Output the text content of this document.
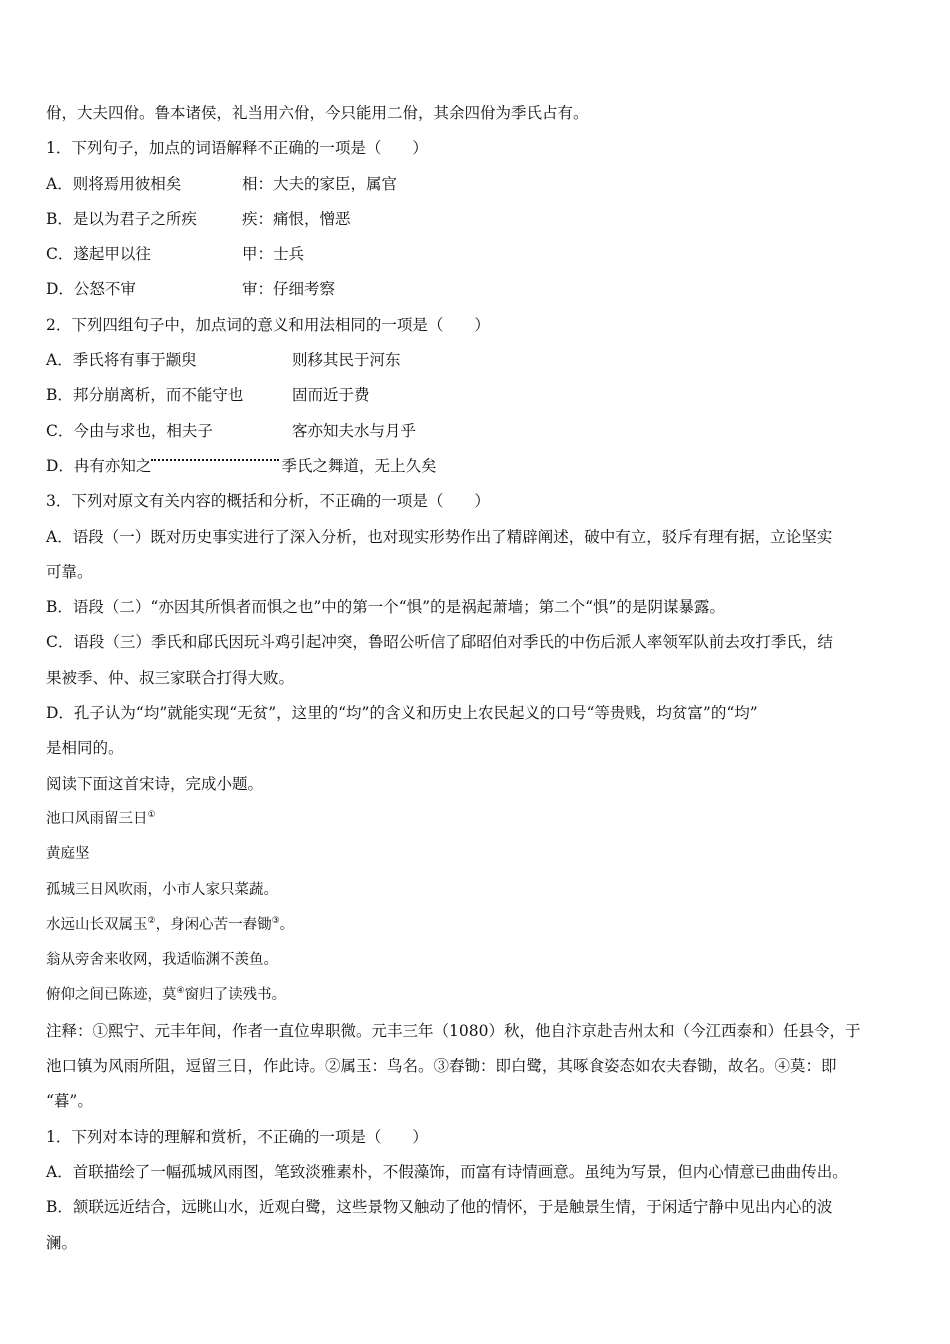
佾，大夫四佾。鲁本诸侯，礼当用六佾，今只能用二佾，其余四佾为季氏占有。
1．下列句子，加点的词语解释不正确的一项是（　　）
A．则将焉用彼相矣	相：大夫的家臣，属官
B．是以为君子之所疾	疾：痛恨，憎恶
C．遂起甲以往	甲：士兵
D．公怒不审	审：仔细考察
2．下列四组句子中，加点词的意义和用法相同的一项是（　　）
A．季氏将有事于颛臾	则移其民于河东
B．邦分崩离析，而不能守也	固而近于费
C．今由与求也，相夫子	客亦知夫水与月乎
D．冉有亦知之	季氏之舞道，无上久矣
3．下列对原文有关内容的概括和分析，不正确的一项是（　　）
A．语段（一）既对历史事实进行了深入分析，也对现实形势作出了精辟阐述，破中有立，驳斥有理有据，立论坚实
可靠。
B．语段（二）“亦因其所惧者而惧之也”中的第一个“惧”的是祸起萧墙；第二个“惧”的是阴谋暴露。
C．语段（三）季氏和郈氏因玩斗鸡引起冲突，鲁昭公听信了郈昭伯对季氏的中伤后派人率领军队前去攻打季氏，结
果被季、仲、叔三家联合打得大败。
D．孔子认为“均”就能实现“无贫”，这里的“均”的含义和历史上农民起义的口号“等贵贱，均贫富”的“均”
是相同的。
阅读下面这首宋诗，完成小题。
池口风雨留三日①
黄庭坚
孤城三日风吹雨，小市人家只菜蔬。
水远山长双属玉②，身闲心苦一舂锄③。
翁从旁舍来收网，我适临渊不羡鱼。
俯仰之间已陈迹，莫④窗归了读残书。
注释：①熙宁、元丰年间，作者一直位卑职微。元丰三年（1080）秋，他自汴京赴吉州太和（今江西泰和）任县令，于
池口镇为风雨所阻，逗留三日，作此诗。②属玉：鸟名。③舂锄：即白鹭，其啄食姿态如农夫舂锄，故名。④莫：即
“暮”。
1．下列对本诗的理解和赏析，不正确的一项是（　　）
A．首联描绘了一幅孤城风雨图，笔致淡雅素朴，不假藻饰，而富有诗情画意。虽纯为写景，但内心情意已曲曲传出。
B．颔联远近结合，远眺山水，近观白鹭，这些景物又触动了他的情怀，于是触景生情，于闲适宁静中见出内心的波
澜。
